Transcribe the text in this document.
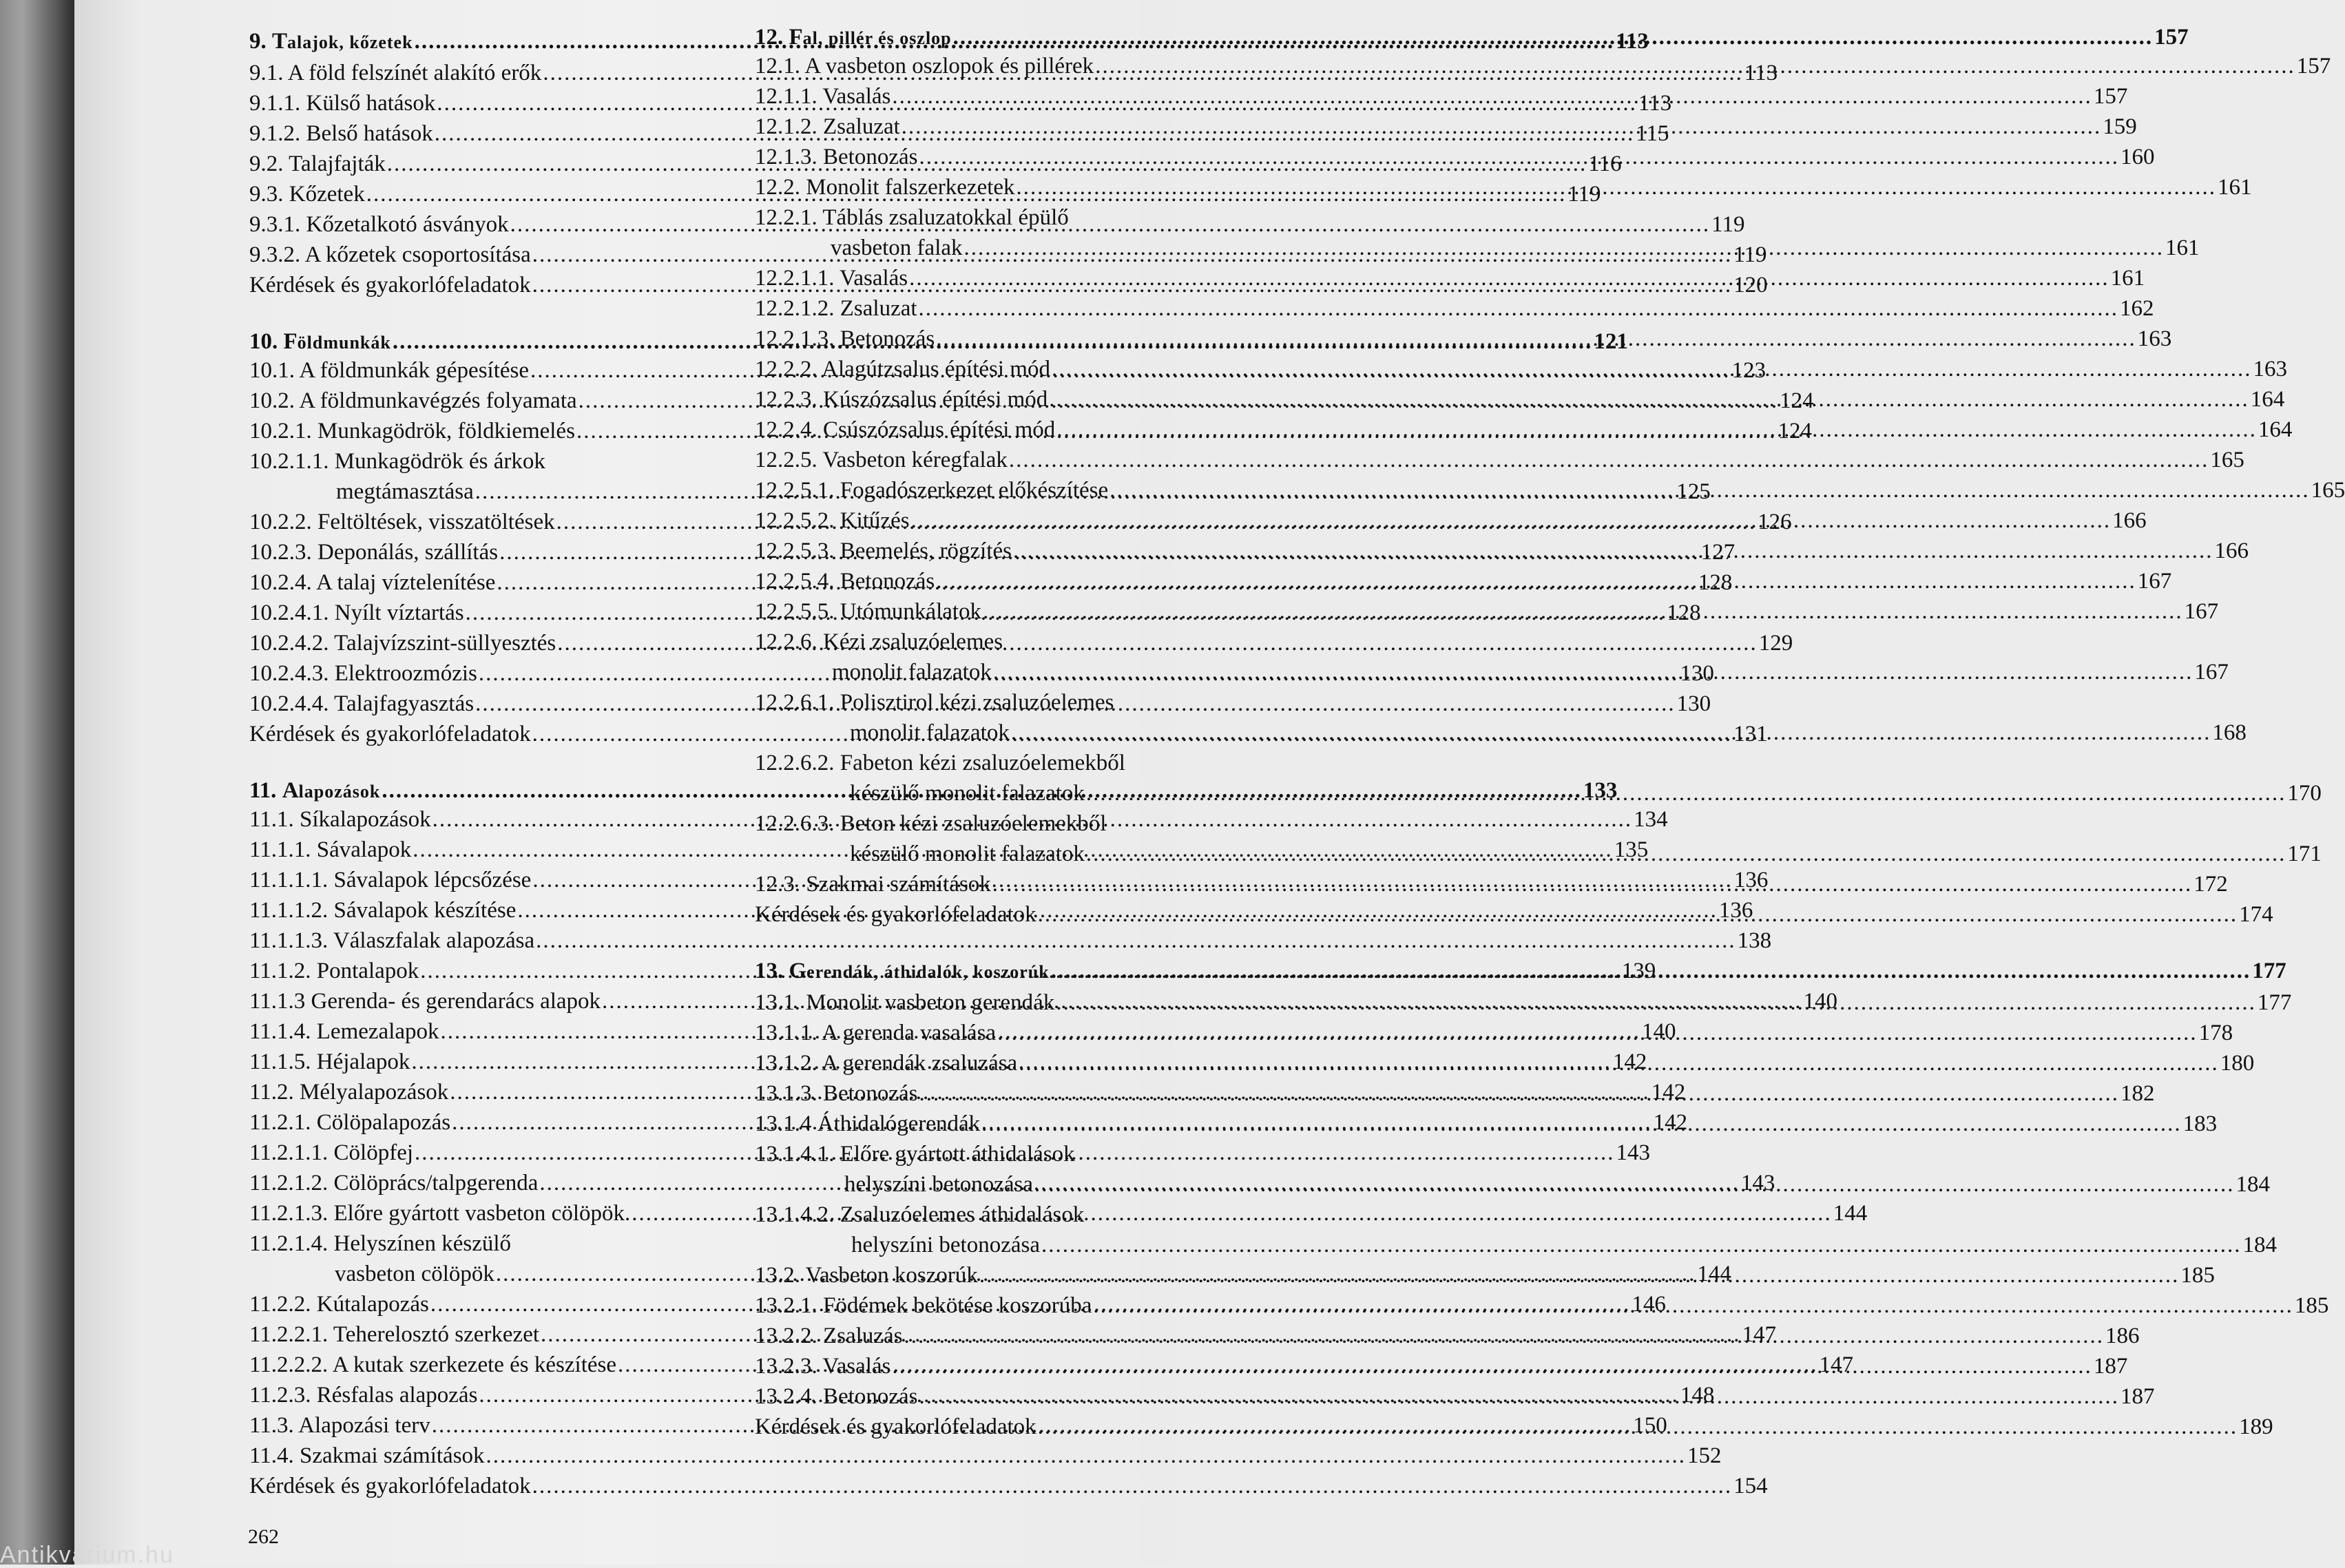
9. Talajok, kőzetek .....	113
9.1. A föld felszínét alakító erők .....	113
9.1.1. Külső hatások .....	113
9.1.2. Belső hatások .....	115
9.2. Talajfajták .....	116
9.3. Kőzetek .....	119
9.3.1. Kőzetalkotó ásványok .....	119
9.3.2. A kőzetek csoportosítása .....	119
Kérdések és gyakorlófeladatok .....	120
10. Földmunkák .....	121
10.1. A földmunkák gépesítése .....	123
10.2. A földmunkavégzés folyamata .....	124
10.2.1. Munkagödrök, földkiemelés .....	124
10.2.1.1. Munkagödrök és árkok
megtámasztása .....	125
10.2.2. Feltöltések, visszatöltések .....	126
10.2.3. Deponálás, szállítás .....	127
10.2.4. A talaj víztelenítése .....	128
10.2.4.1. Nyílt víztartás .....	128
10.2.4.2. Talajvízszint-süllyesztés .....	129
10.2.4.3. Elektroozmózis .....	130
10.2.4.4. Talajfagyasztás .....	130
Kérdések és gyakorlófeladatok .....	131
11. Alapozások .....	133
11.1. Síkalapozások .....	134
11.1.1. Sávalapok .....	135
11.1.1.1. Sávalapok lépcsőzése .....	136
11.1.1.2. Sávalapok készítése .....	136
11.1.1.3. Válaszfalak alapozása .....	138
11.1.2. Pontalapok .....	139
11.1.3 Gerenda- és gerendarács alapok .....	140
11.1.4. Lemezalapok .....	140
11.1.5. Héjalapok .....	142
11.2. Mélyalapozások .....	142
11.2.1. Cölöpalapozás .....	142
11.2.1.1. Cölöpfej .....	143
11.2.1.2. Cölöprács/talpgerenda .....	143
11.2.1.3. Előre gyártott vasbeton cölöpök. .....	144
11.2.1.4. Helyszínen készülő
vasbeton cölöpök .....	144
11.2.2. Kútalapozás .....	146
11.2.2.1. Teherelosztó szerkezet .....	147
11.2.2.2. A kutak szerkezete és készítése .....	147
11.2.3. Résfalas alapozás .....	148
11.3. Alapozási terv .....	150
11.4. Szakmai számítások .....	152
Kérdések és gyakorlófeladatok .....	154
12. Fal, pillér és oszlop .....	157
12.1. A vasbeton oszlopok és pillérek .....	157
12.1.1. Vasalás .....	157
12.1.2. Zsaluzat .....	159
12.1.3. Betonozás .....	160
12.2. Monolit falszerkezetek .....	161
12.2.1. Táblás zsaluzatokkal épülő
vasbeton falak .....	161
12.2.1.1. Vasalás .....	161
12.2.1.2. Zsaluzat .....	162
12.2.1.3. Betonozás .....	163
12.2.2. Alagútzsalus építési mód .....	163
12.2.3. Kúszózsalus építési mód .....	164
12.2.4. Csúszózsalus építési mód .....	164
12.2.5. Vasbeton kéregfalak .....	165
12.2.5.1. Fogadószerkezet előkészítése .....	165
12.2.5.2. Kitűzés .....	166
12.2.5.3. Beemelés, rögzítés .....	166
12.2.5.4. Betonozás .....	167
12.2.5.5. Utómunkálatok .....	167
12.2.6. Kézi zsaluzóelemes
monolit falazatok .....	167
12.2.6.1. Polisztirol kézi zsaluzóelemes
monolit falazatok .....	168
12.2.6.2. Fabeton kézi zsaluzóelemekből
készülő monolit falazatok .....	170
12.2.6.3. Beton kézi zsaluzóelemekből
készülő monolit falazatok .....	171
12.3. Szakmai számítások .....	172
Kérdések és gyakorlófeladatok .....	174
13. Gerendák, áthidalók, koszorúk .....	177
13.1. Monolit vasbeton gerendák .....	177
13.1.1. A gerenda vasalása .....	178
13.1.2. A gerendák zsaluzása .....	180
13.1.3. Betonozás .....	182
13.1.4 Áthidalógerendák .....	183
13.1.4.1. Előre gyártott áthidalások
helyszíni betonozása .....	184
13.1.4.2. Zsaluzóelemes áthidalások
helyszíni betonozása .....	184
13.2. Vasbeton koszorúk .....	185
13.2.1. Födémek bekötése koszorúba .....	185
13.2.2. Zsaluzás .....	186
13.2.3. Vasalás .....	187
13.2.4. Betonozás .....	187
Kérdések és gyakorlófeladatok .....	189
262
Antikvárium.hu
